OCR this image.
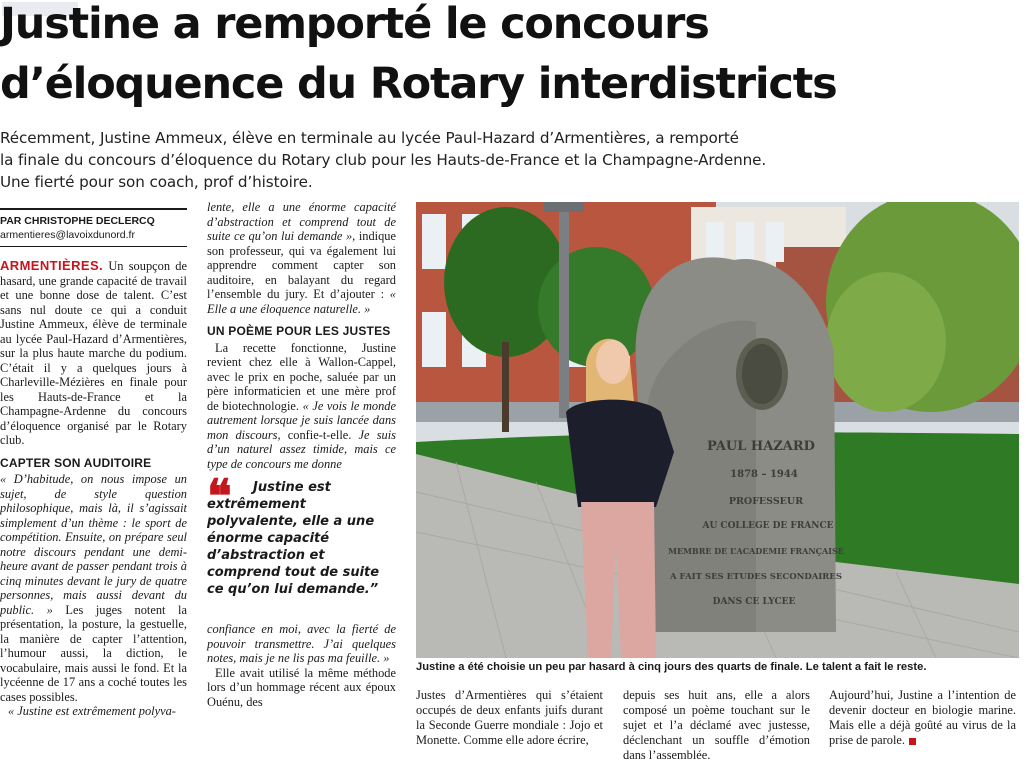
Justine a remporté le concours
d’éloquence du Rotary interdistricts
Récemment, Justine Ammeux, élève en terminale au lycée Paul-Hazard d’Armentières, a remporté
la finale du concours d’éloquence du Rotary club pour les Hauts-de-France et la Champagne-Ardenne.
Une fierté pour son coach, prof d’histoire.
PAR CHRISTOPHE DECLERCQ
armentieres@lavoixdunord.fr

ARMENTIÈRES. Un soupçon de hasard, une grande capacité de travail et une bonne dose de talent. C’est sans nul doute ce qui a conduit Justine Ammeux, élève de terminale au lycée Paul-Hazard d’Armentières, sur la plus haute marche du podium. C’était il y a quelques jours à Charleville-Mézières en finale pour les Hauts-de-France et la Champagne-Ardenne du concours d’éloquence organisé par le Rotary club.

CAPTER SON AUDITOIRE

« D’habitude, on nous impose un sujet, de style question philosophique, mais là, il s’agissait simplement d’un thème : le sport de compétition. Ensuite, on prépare seul notre discours pendant une demi-heure avant de passer pendant trois à cinq minutes devant le jury de quatre personnes, mais aussi devant du public. » Les juges notent la présentation, la posture, la gestuelle, la manière de capter l’attention, l’humour aussi, la diction, le vocabulaire, mais aussi le fond. Et la lycéenne de 17 ans a coché toutes les cases possibles.

« Justine est extrêmement polyva-

lente, elle a une énorme capacité d’abstraction et comprend tout de suite ce qu’on lui demande », indique son professeur, qui va également lui apprendre comment capter son auditoire, en balayant du regard l’ensemble du jury. Et d’ajouter : « Elle a une éloquence naturelle. »

UN POÈME POUR LES JUSTES

La recette fonctionne, Justine revient chez elle à Wallon-Cappel, avec le prix en poche, saluée par un père informaticien et une mère prof de biotechnologie. « Je vois le monde autrement lorsque je suis lancée dans mon discours, confie-t-elle. Je suis d’un naturel assez timide, mais ce type de concours me donne

❝	Justine est extrêmement polyvalente, elle a une énorme capacité d’abstraction et comprend tout de suite ce qu’on lui demande.”

confiance en moi, avec la fierté de pouvoir transmettre. J’ai quelques notes, mais je ne lis pas ma feuille. »

Elle avait utilisé la même méthode lors d’un hommage récent aux époux Ouénu, des

PAUL HAZARD
1878 – 1944
PROFESSEUR
AU COLLEGE DE FRANCE
MEMBRE DE L’ACADEMIE FRANÇAISE
A FAIT SES ETUDES SECONDAIRES
DANS CE LYCEE
Justine a été choisie un peu par hasard à cinq jours des quarts de finale. Le talent a fait le reste.

Justes d’Armentières qui s’étaient occupés de deux enfants juifs durant la Seconde Guerre mondiale : Jojo et Monette. Comme elle adore écrire,

depuis ses huit ans, elle a alors composé un poème touchant sur le sujet et l’a déclamé avec justesse, déclenchant un souffle d’émotion dans l’assemblée.

Aujourd’hui, Justine a l’intention de devenir docteur en biologie marine. Mais elle a déjà goûté au virus de la prise de parole.
